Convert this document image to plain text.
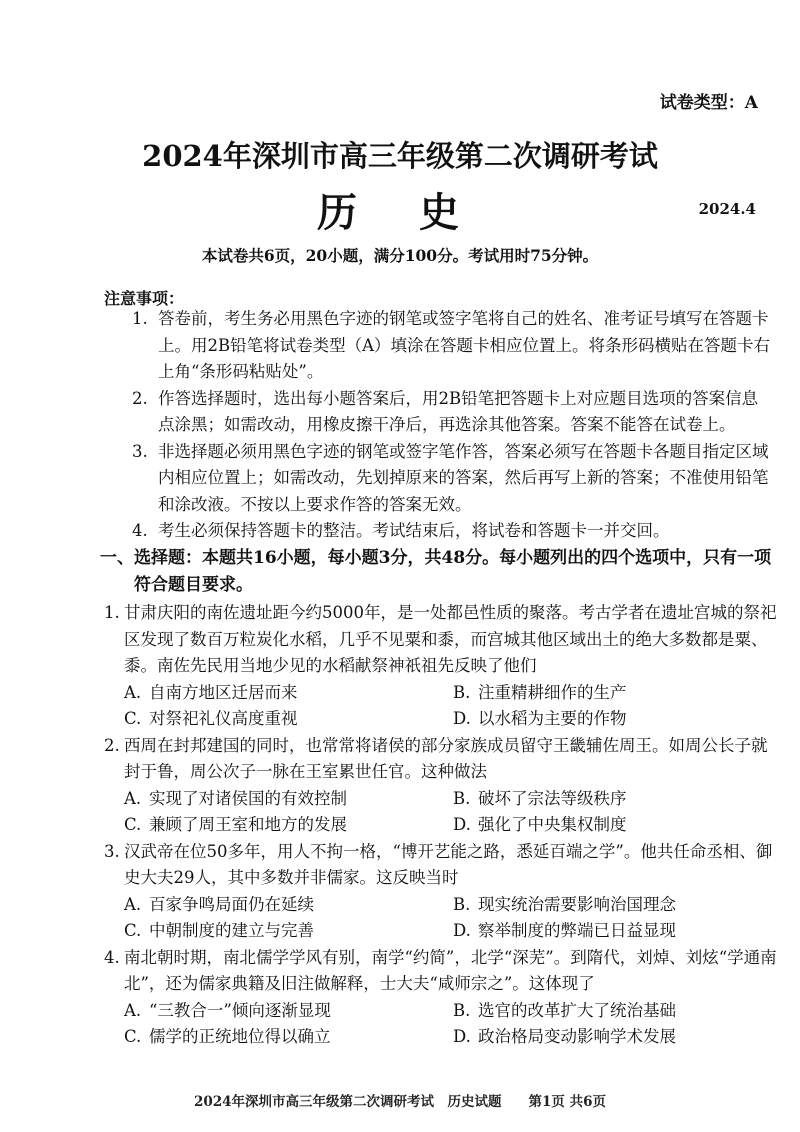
试卷类型：A
2024年深圳市高三年级第二次调研考试
历 史	2024.4
本试卷共6页，20小题，满分100分。考试用时75分钟。
注意事项：
1. 答卷前，考生务必用黑色字迹的钢笔或签字笔将自己的姓名、准考证号填写在答题卡上。用2B铅笔将试卷类型（A）填涂在答题卡相应位置上。将条形码横贴在答题卡右上角“条形码粘贴处”。
2. 作答选择题时，选出每小题答案后，用2B铅笔把答题卡上对应题目选项的答案信息点涂黑；如需改动，用橡皮擦干净后，再选涂其他答案。答案不能答在试卷上。
3. 非选择题必须用黑色字迹的钢笔或签字笔作答，答案必须写在答题卡各题目指定区域内相应位置上；如需改动，先划掉原来的答案，然后再写上新的答案；不准使用铅笔和涂改液。不按以上要求作答的答案无效。
4. 考生必须保持答题卡的整洁。考试结束后，将试卷和答题卡一并交回。
一、 选择题：本题共16小题，每小题3分，共48分。每小题列出的四个选项中，只有一项符合题目要求。
1. 甘肃庆阳的南佐遗址距今约5000年，是一处都邑性质的聚落。考古学者在遗址宫城的祭祀区发现了数百万粒炭化水稻，几乎不见粟和黍，而宫城其他区域出土的绝大多数都是粟、黍。南佐先民用当地少见的水稻献祭神祇祖先反映了他们
A. 自南方地区迁居而来	B. 注重精耕细作的生产
C. 对祭祀礼仪高度重视	D. 以水稻为主要的作物
2. 西周在封邦建国的同时，也常常将诸侯的部分家族成员留守王畿辅佐周王。如周公长子就封于鲁，周公次子一脉在王室累世任官。这种做法
A. 实现了对诸侯国的有效控制	B. 破坏了宗法等级秩序
C. 兼顾了周王室和地方的发展	D. 强化了中央集权制度
3. 汉武帝在位50多年，用人不拘一格，“博开艺能之路，悉延百端之学”。他共任命丞相、御史大夫29人，其中多数并非儒家。这反映当时
A. 百家争鸣局面仍在延续	B. 现实统治需要影响治国理念
C. 中朝制度的建立与完善	D. 察举制度的弊端已日益显现
4. 南北朝时期，南北儒学学风有别，南学“约简”，北学“深芜”。到隋代，刘焯、刘炫“学通南北”，还为儒家典籍及旧注做解释，士大夫“咸师宗之”。这体现了
A. “三教合一”倾向逐渐显现	B. 选官的改革扩大了统治基础
C. 儒学的正统地位得以确立	D. 政治格局变动影响学术发展
2024年深圳市高三年级第二次调研考试　历史试题　　第1页 共6页
